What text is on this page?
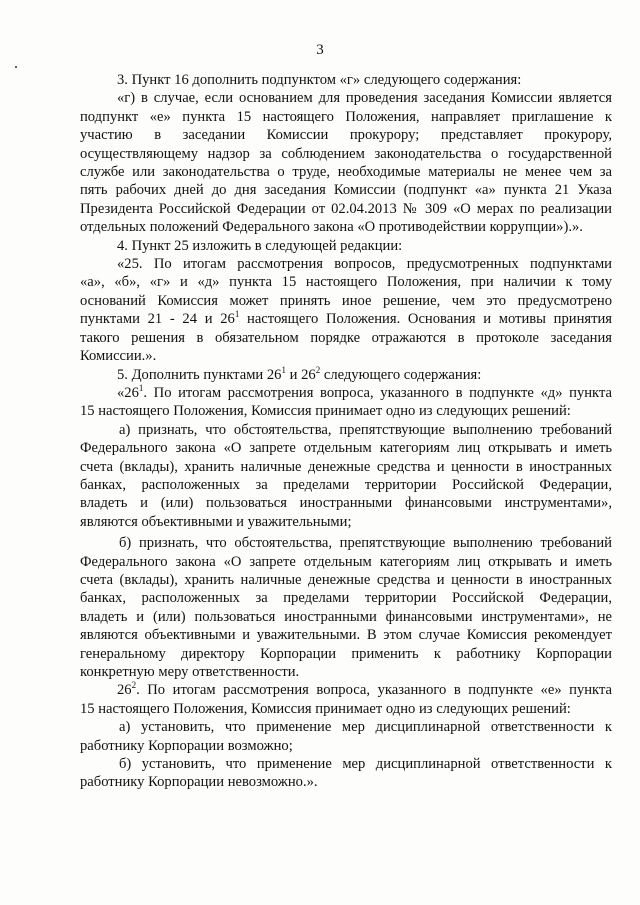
3
3. Пункт 16 дополнить подпунктом «г» следующего содержания:
«г) в случае, если основанием для проведения заседания Комиссии является
подпункт «е» пункта 15 настоящего Положения, направляет приглашение к
участию в заседании Комиссии прокурору; представляет прокурору,
осуществляющему надзор за соблюдением законодательства о государственной
службе или законодательства о труде, необходимые материалы не менее чем за
пять рабочих дней до дня заседания Комиссии (подпункт «а» пункта 21 Указа
Президента Российской Федерации от 02.04.2013 № 309 «О мерах по реализации
отдельных положений Федерального закона «О противодействии коррупции»).».
4. Пункт 25 изложить в следующей редакции:
«25. По итогам рассмотрения вопросов, предусмотренных подпунктами
«а», «б», «г» и «д» пункта 15 настоящего Положения, при наличии к тому
оснований Комиссия может принять иное решение, чем это предусмотрено
пунктами 21 - 24 и $26^1$ настоящего Положения. Основания и мотивы принятия
такого решения в обязательном порядке отражаются в протоколе заседания
Комиссии.».
5. Дополнить пунктами $26^1$ и $26^2$ следующего содержания:
«$26^1$. По итогам рассмотрения вопроса, указанного в подпункте «д» пункта
15 настоящего Положения, Комиссия принимает одно из следующих решений:
а) признать, что обстоятельства, препятствующие выполнению требований
Федерального закона «О запрете отдельным категориям лиц открывать и иметь
счета (вклады), хранить наличные денежные средства и ценности в иностранных
банках, расположенных за пределами территории Российской Федерации,
владеть и (или) пользоваться иностранными финансовыми инструментами»,
являются объективными и уважительными;
б) признать, что обстоятельства, препятствующие выполнению требований
Федерального закона «О запрете отдельным категориям лиц открывать и иметь
счета (вклады), хранить наличные денежные средства и ценности в иностранных
банках, расположенных за пределами территории Российской Федерации,
владеть и (или) пользоваться иностранными финансовыми инструментами», не
являются объективными и уважительными. В этом случае Комиссия рекомендует
генеральному директору Корпорации применить к работнику Корпорации
конкретную меру ответственности.
$26^2$. По итогам рассмотрения вопроса, указанного в подпункте «е» пункта
15 настоящего Положения, Комиссия принимает одно из следующих решений:
а) установить, что применение мер дисциплинарной ответственности к
работнику Корпорации возможно;
б) установить, что применение мер дисциплинарной ответственности к
работнику Корпорации невозможно.».
